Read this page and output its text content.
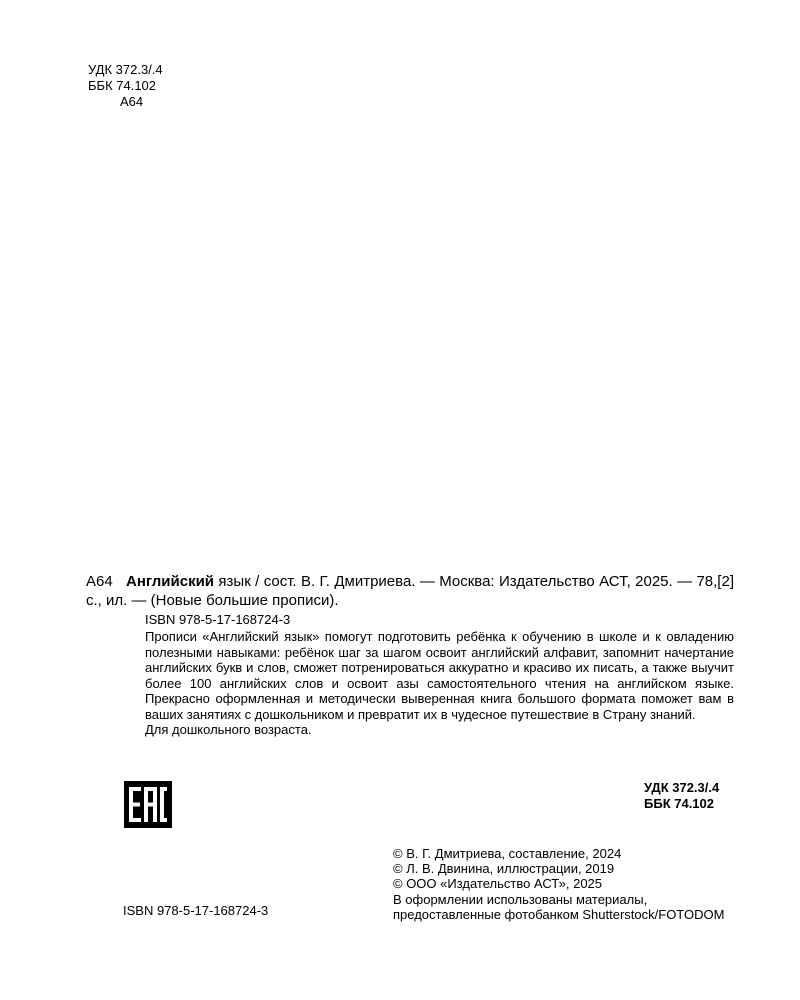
УДК 372.3/.4
ББК 74.102
А64
А64 Английский язык / сост. В. Г. Дмитриева. — Москва: Издательство АСТ, 2025. — 78,[2] с., ил. — (Новые большие прописи).
ISBN 978-5-17-168724-3

Прописи «Английский язык» помогут подготовить ребёнка к обучению в школе и к овладению полезными навыками: ребёнок шаг за шагом освоит английский алфавит, запомнит начертание английских букв и слов, сможет потренироваться аккуратно и красиво их писать, а также выучит более 100 английских слов и освоит азы самостоятельного чтения на английском языке. Прекрасно оформленная и методически выверенная книга большого формата поможет вам в ваших занятиях с дошкольником и превратит их в чудесное путешествие в Страну знаний.

Для дошкольного возраста.

УДК 372.3/.4
ББК 74.102
© В. Г. Дмитриева, составление, 2024
© Л. В. Двинина, иллюстрации, 2019
© ООО «Издательство АСТ», 2025
В оформлении использованы материалы,
предоставленные фотобанком Shutterstock/FOTODOM
ISBN 978-5-17-168724-3
